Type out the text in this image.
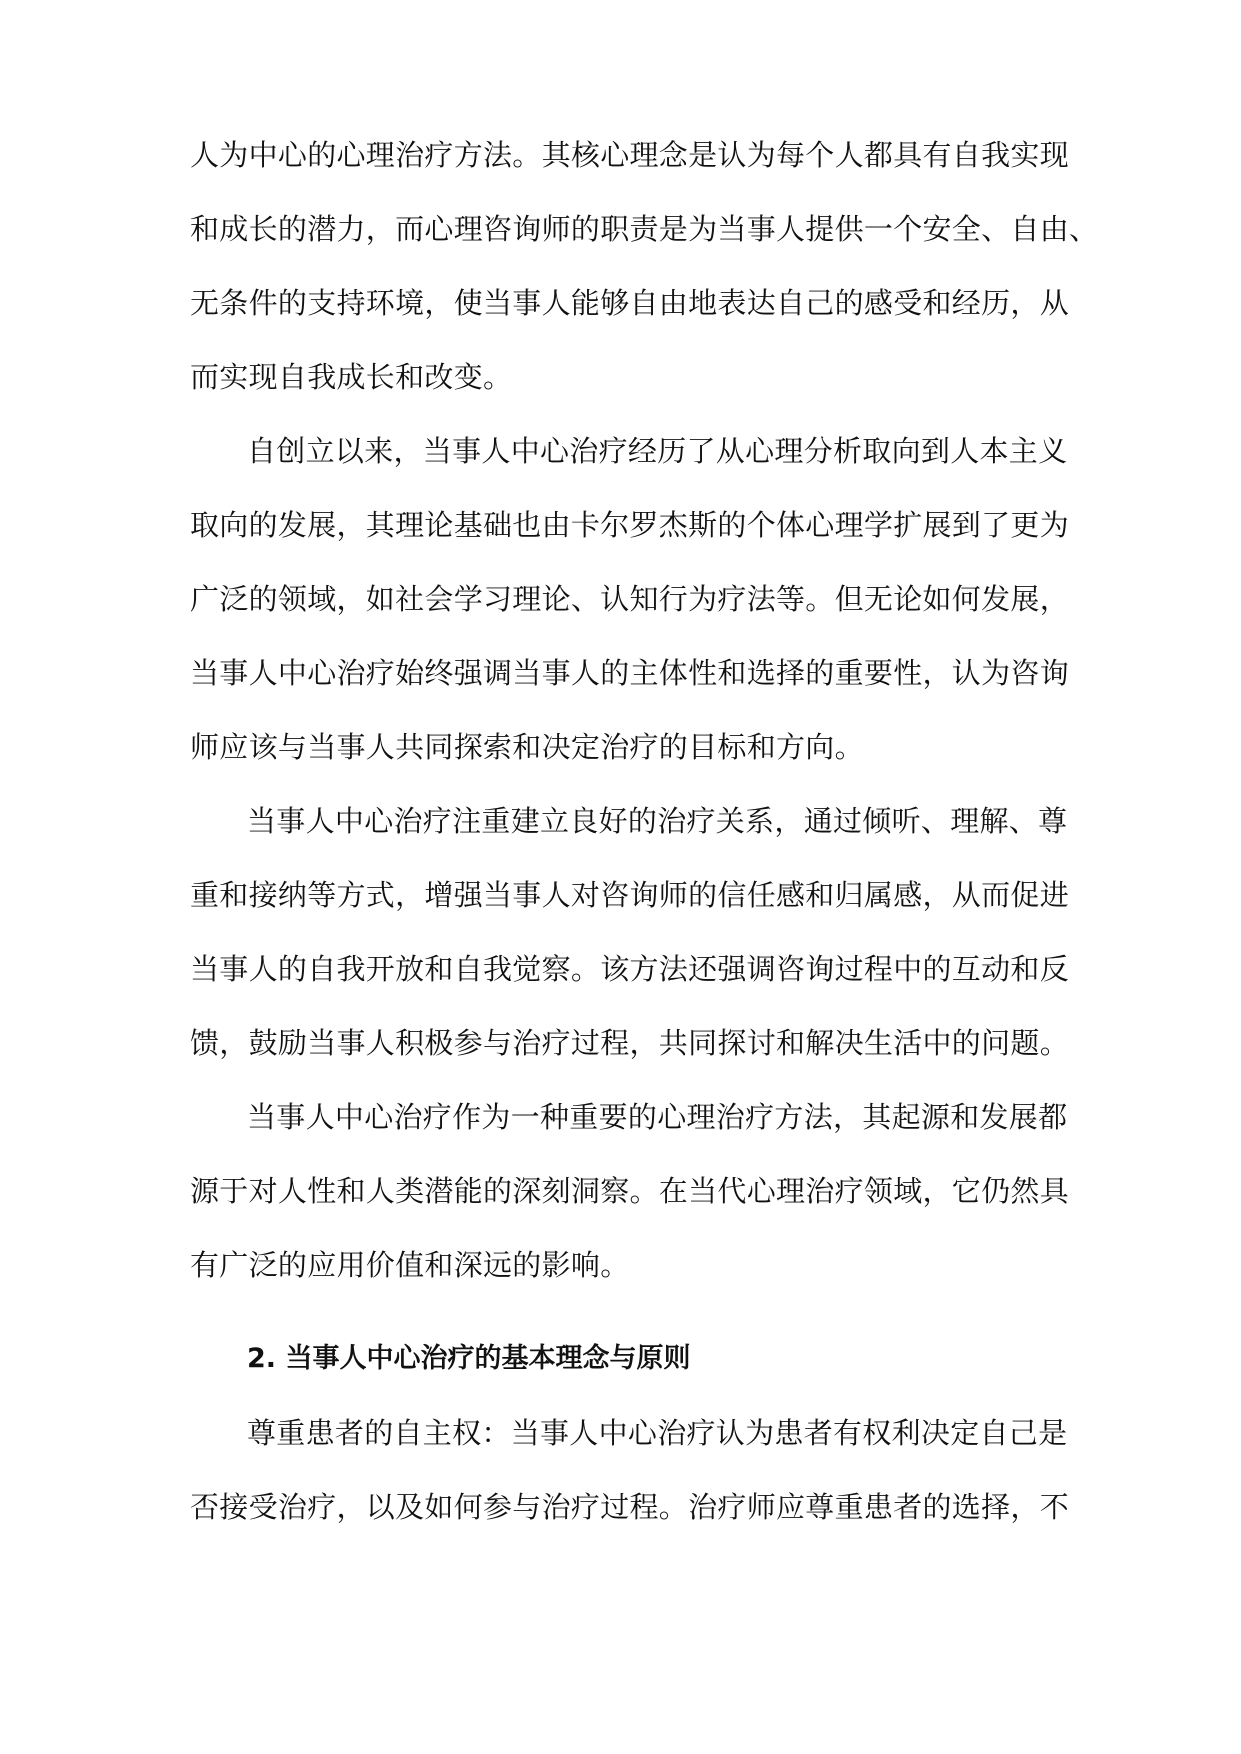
人为中心的心理治疗方法。其核心理念是认为每个人都具有自我实现
和成长的潜力，而心理咨询师的职责是为当事人提供一个安全、自由、
无条件的支持环境，使当事人能够自由地表达自己的感受和经历，从
而实现自我成长和改变。
自创立以来，当事人中心治疗经历了从心理分析取向到人本主义
取向的发展，其理论基础也由卡尔罗杰斯的个体心理学扩展到了更为
广泛的领域，如社会学习理论、认知行为疗法等。但无论如何发展，
当事人中心治疗始终强调当事人的主体性和选择的重要性，认为咨询
师应该与当事人共同探索和决定治疗的目标和方向。
当事人中心治疗注重建立良好的治疗关系，通过倾听、理解、尊
重和接纳等方式，增强当事人对咨询师的信任感和归属感，从而促进
当事人的自我开放和自我觉察。该方法还强调咨询过程中的互动和反
馈，鼓励当事人积极参与治疗过程，共同探讨和解决生活中的问题。
当事人中心治疗作为一种重要的心理治疗方法，其起源和发展都
源于对人性和人类潜能的深刻洞察。在当代心理治疗领域，它仍然具
有广泛的应用价值和深远的影响。
2. 当事人中心治疗的基本理念与原则
尊重患者的自主权：当事人中心治疗认为患者有权利决定自己是
否接受治疗，以及如何参与治疗过程。治疗师应尊重患者的选择，不
